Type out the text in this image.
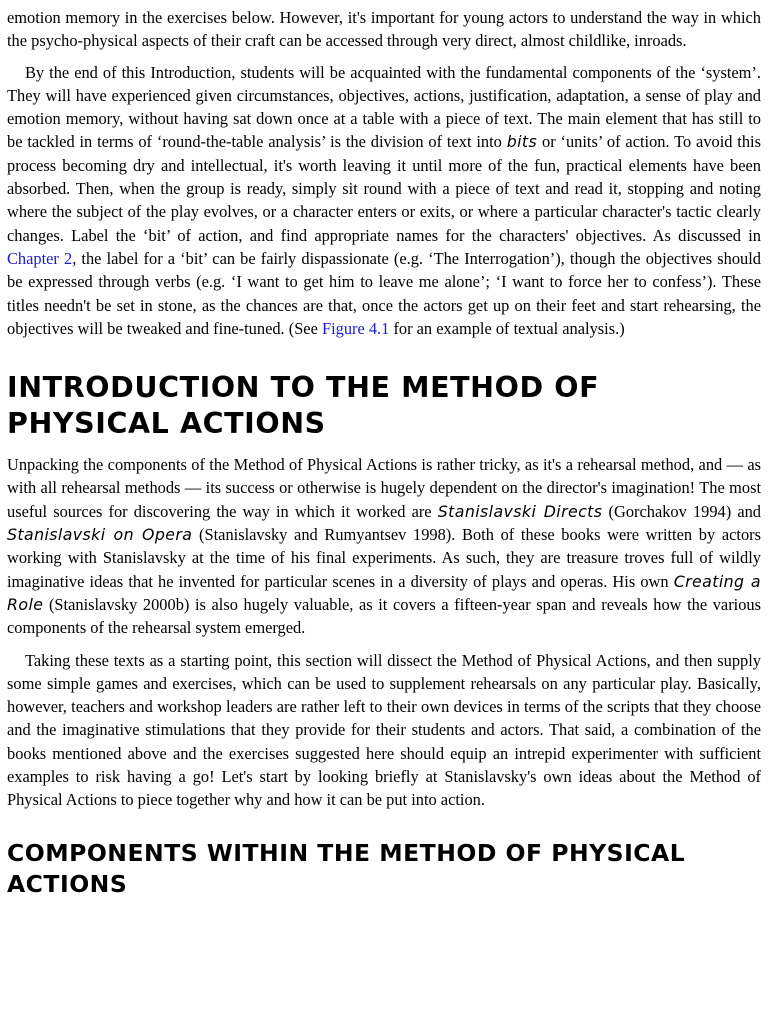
emotion memory in the exercises below. However, it's important for young actors to understand the way in which the psycho-physical aspects of their craft can be accessed through very direct, almost childlike, inroads.

By the end of this Introduction, students will be acquainted with the fundamental components of the ‘system’. They will have experienced given circumstances, objectives, actions, justification, adaptation, a sense of play and emotion memory, without having sat down once at a table with a piece of text. The main element that has still to be tackled in terms of ‘round-the-table analysis’ is the division of text into bits or ‘units’ of action. To avoid this process becoming dry and intellectual, it's worth leaving it until more of the fun, practical elements have been absorbed. Then, when the group is ready, simply sit round with a piece of text and read it, stopping and noting where the subject of the play evolves, or a character enters or exits, or where a particular character's tactic clearly changes. Label the ‘bit’ of action, and find appropriate names for the characters' objectives. As discussed in Chapter 2, the label for a ‘bit’ can be fairly dispassionate (e.g. ‘The Interrogation’), though the objectives should be expressed through verbs (e.g. ‘I want to get him to leave me alone’; ‘I want to force her to confess’). These titles needn't be set in stone, as the chances are that, once the actors get up on their feet and start rehearsing, the objectives will be tweaked and fine-tuned. (See Figure 4.1 for an example of textual analysis.)

INTRODUCTION TO THE METHOD OF PHYSICAL ACTIONS

Unpacking the components of the Method of Physical Actions is rather tricky, as it's a rehearsal method, and — as with all rehearsal methods — its success or otherwise is hugely dependent on the director's imagination! The most useful sources for discovering the way in which it worked are Stanislavski Directs (Gorchakov 1994) and Stanislavski on Opera (Stanislavsky and Rumyantsev 1998). Both of these books were written by actors working with Stanislavsky at the time of his final experiments. As such, they are treasure troves full of wildly imaginative ideas that he invented for particular scenes in a diversity of plays and operas. His own Creating a Role (Stanislavsky 2000b) is also hugely valuable, as it covers a fifteen-year span and reveals how the various components of the rehearsal system emerged.

Taking these texts as a starting point, this section will dissect the Method of Physical Actions, and then supply some simple games and exercises, which can be used to supplement rehearsals on any particular play. Basically, however, teachers and workshop leaders are rather left to their own devices in terms of the scripts that they choose and the imaginative stimulations that they provide for their students and actors. That said, a combination of the books mentioned above and the exercises suggested here should equip an intrepid experimenter with sufficient examples to risk having a go! Let's start by looking briefly at Stanislavsky's own ideas about the Method of Physical Actions to piece together why and how it can be put into action.

COMPONENTS WITHIN THE METHOD OF PHYSICAL ACTIONS
